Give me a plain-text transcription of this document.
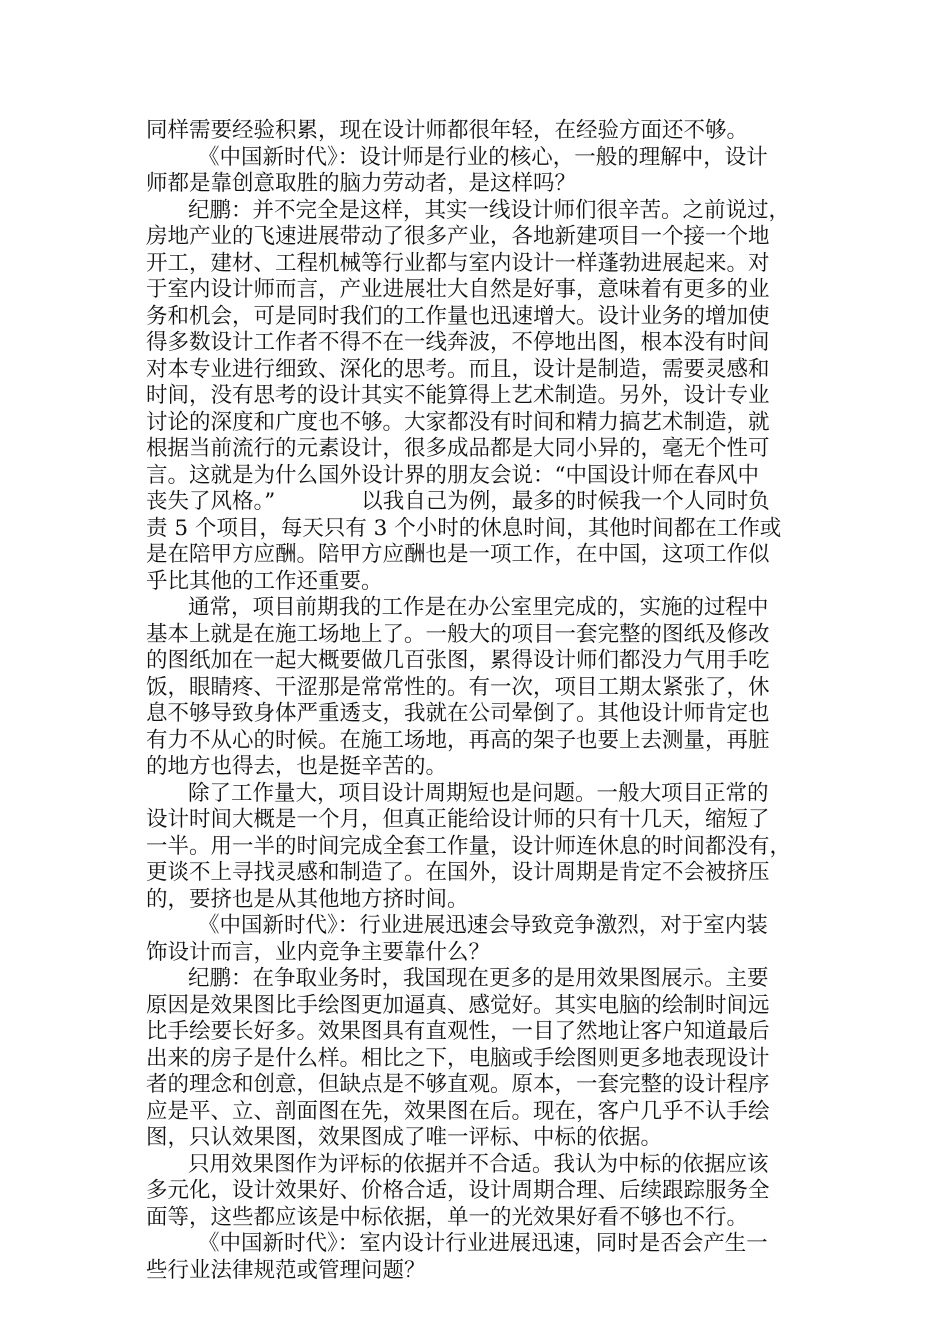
同样需要经验积累，现在设计师都很年轻，在经验方面还不够。
《中国新时代》：设计师是行业的核心，一般的理解中，设计
师都是靠创意取胜的脑力劳动者，是这样吗？
纪鹏：并不完全是这样，其实一线设计师们很辛苦。之前说过，
房地产业的飞速进展带动了很多产业，各地新建项目一个接一个地
开工，建材、工程机械等行业都与室内设计一样蓬勃进展起来。对
于室内设计师而言，产业进展壮大自然是好事，意味着有更多的业
务和机会，可是同时我们的工作量也迅速增大。设计业务的增加使
得多数设计工作者不得不在一线奔波，不停地出图，根本没有时间
对本专业进行细致、深化的思考。而且，设计是制造，需要灵感和
时间，没有思考的设计其实不能算得上艺术制造。另外，设计专业
讨论的深度和广度也不够。大家都没有时间和精力搞艺术制造，就
根据当前流行的元素设计，很多成品都是大同小异的，毫无个性可
言。这就是为什么国外设计界的朋友会说：“中国设计师在春风中
丧失了风格。”	以我自己为例，最多的时候我一个人同时负
责 5 个项目，每天只有 3 个小时的休息时间，其他时间都在工作或
是在陪甲方应酬。陪甲方应酬也是一项工作，在中国，这项工作似
乎比其他的工作还重要。
通常，项目前期我的工作是在办公室里完成的，实施的过程中
基本上就是在施工场地上了。一般大的项目一套完整的图纸及修改
的图纸加在一起大概要做几百张图，累得设计师们都没力气用手吃
饭，眼睛疼、干涩那是常常性的。有一次，项目工期太紧张了，休
息不够导致身体严重透支，我就在公司晕倒了。其他设计师肯定也
有力不从心的时候。在施工场地，再高的架子也要上去测量，再脏
的地方也得去，也是挺辛苦的。
除了工作量大，项目设计周期短也是问题。一般大项目正常的
设计时间大概是一个月，但真正能给设计师的只有十几天，缩短了
一半。用一半的时间完成全套工作量，设计师连休息的时间都没有，
更谈不上寻找灵感和制造了。在国外，设计周期是肯定不会被挤压
的，要挤也是从其他地方挤时间。
《中国新时代》：行业进展迅速会导致竞争激烈，对于室内装
饰设计而言，业内竞争主要靠什么？
纪鹏：在争取业务时，我国现在更多的是用效果图展示。主要
原因是效果图比手绘图更加逼真、感觉好。其实电脑的绘制时间远
比手绘要长好多。效果图具有直观性，一目了然地让客户知道最后
出来的房子是什么样。相比之下，电脑或手绘图则更多地表现设计
者的理念和创意，但缺点是不够直观。原本，一套完整的设计程序
应是平、立、剖面图在先，效果图在后。现在，客户几乎不认手绘
图，只认效果图，效果图成了唯一评标、中标的依据。
只用效果图作为评标的依据并不合适。我认为中标的依据应该
多元化，设计效果好、价格合适，设计周期合理、后续跟踪服务全
面等，这些都应该是中标依据，单一的光效果好看不够也不行。
《中国新时代》：室内设计行业进展迅速，同时是否会产生一
些行业法律规范或管理问题？
